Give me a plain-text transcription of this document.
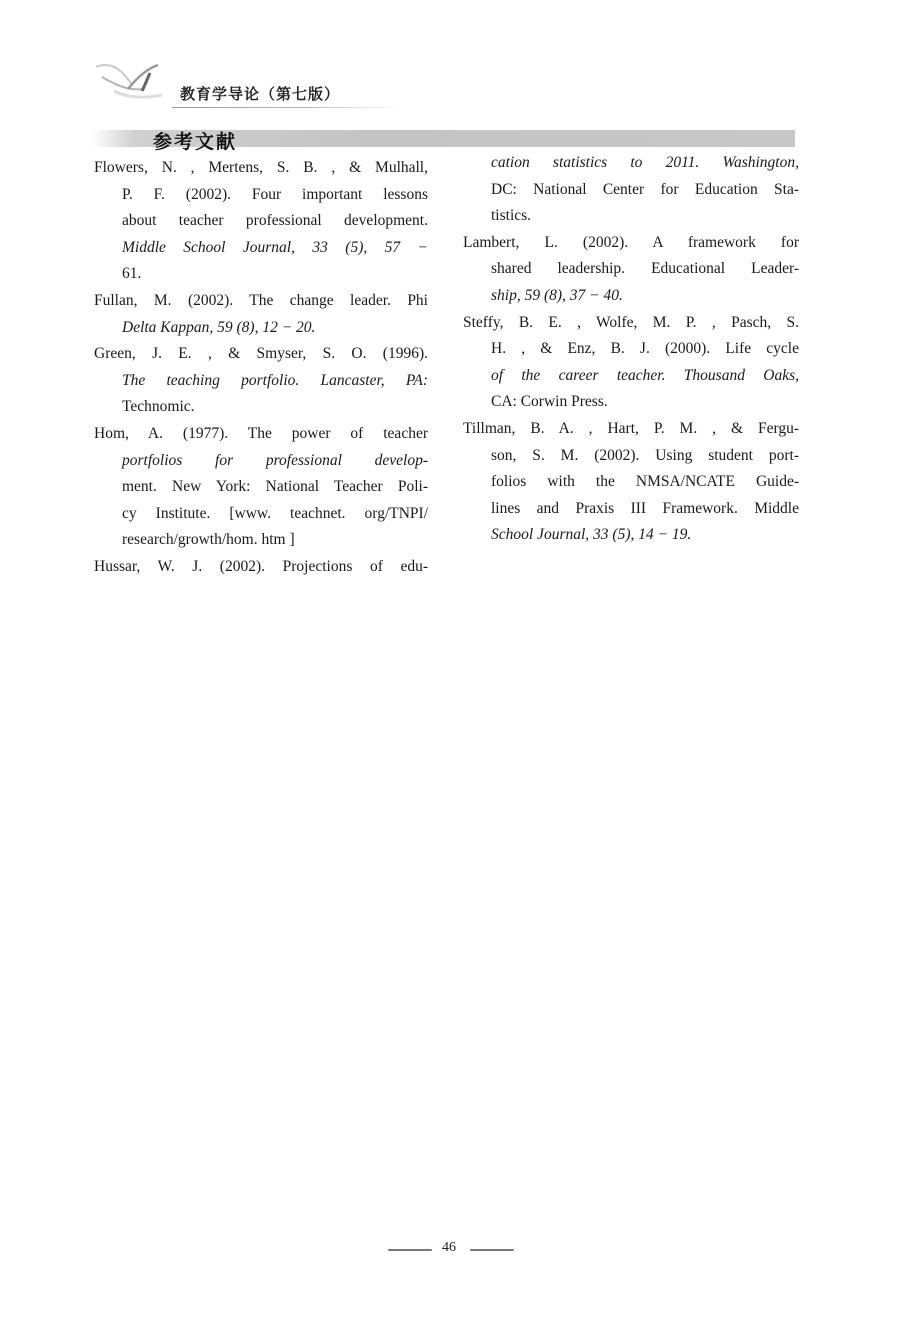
教育学导论（第七版）
参考文献

Flowers, N. , Mertens, S. B. , & Mulhall,
P. F. (2002). Four important lessons
about teacher professional development.
Middle School Journal, 33 (5), 57 −
61.

Fullan, M. (2002). The change leader. Phi
Delta Kappan, 59 (8), 12 − 20.

Green, J. E. , & Smyser, S. O. (1996).
The teaching portfolio. Lancaster, PA:
Technomic.

Hom, A. (1977). The power of teacher
portfolios for professional develop-
ment. New York: National Teacher Poli-
cy Institute. [www. teachnet. org/TNPI/
research/growth/hom. htm ]

Hussar, W. J. (2002). Projections of edu-

cation statistics to 2011. Washington,
DC: National Center for Education Sta-
tistics.

Lambert, L. (2002). A framework for
shared leadership. Educational Leader-
ship, 59 (8), 37 − 40.

Steffy, B. E. , Wolfe, M. P. , Pasch, S.
H. , & Enz, B. J. (2000). Life cycle
of the career teacher. Thousand Oaks,
CA: Corwin Press.

Tillman, B. A. , Hart, P. M. , & Fergu-
son, S. M. (2002). Using student port-
folios with the NMSA/NCATE Guide-
lines and Praxis III Framework. Middle
School Journal, 33 (5), 14 − 19.

46
